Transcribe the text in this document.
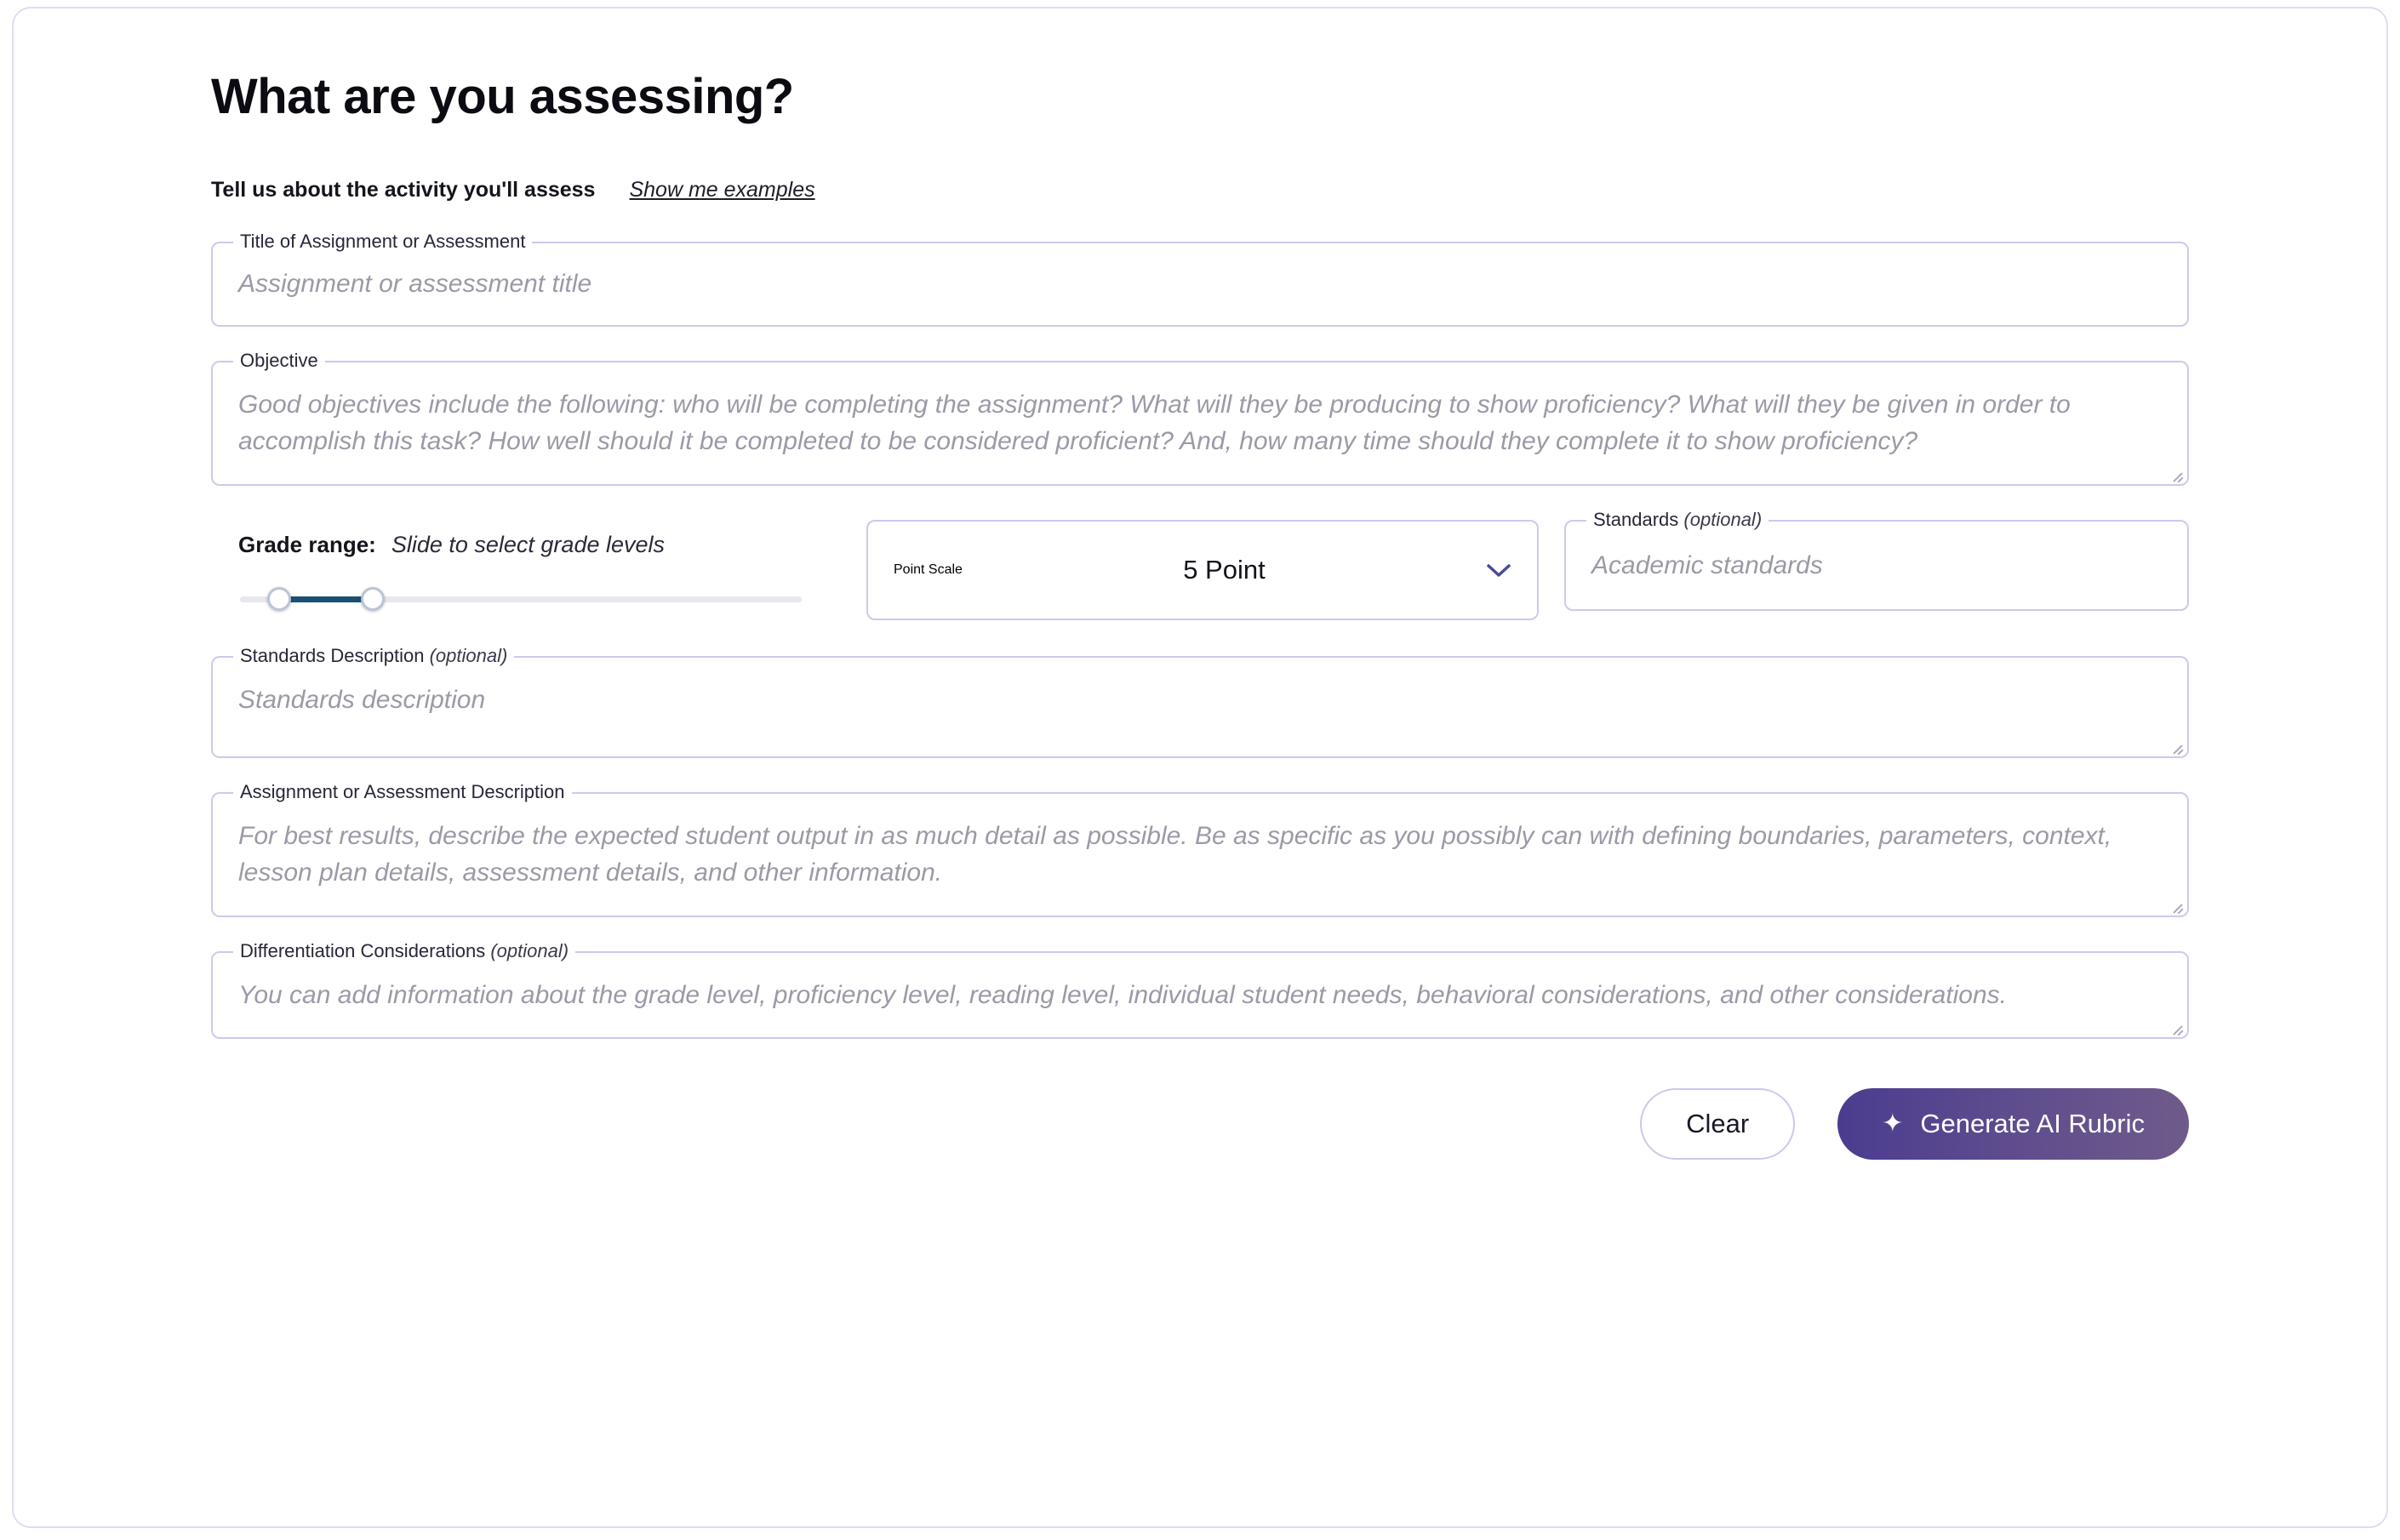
What are you assessing?
Tell us about the activity you'll assess Show me examples
Title of Assignment or Assessment
Assignment or assessment title
Objective
Good objectives include the following: who will be completing the assignment? What will they be producing to show proficiency? What will they be given in order to accomplish this task? How well should it be completed to be considered proficient? And, how many time should they complete it to show proficiency?
Grade range: Slide to select grade levels
Point Scale	5 Point
Standards (optional)
Academic standards
Standards Description (optional)
Standards description
Assignment or Assessment Description
For best results, describe the expected student output in as much detail as possible. Be as specific as you possibly can with defining boundaries, parameters, context, lesson plan details, assessment details, and other information.
Differentiation Considerations (optional)
You can add information about the grade level, proficiency level, reading level, individual student needs, behavioral considerations, and other considerations.
Clear	✦ Generate AI Rubric
